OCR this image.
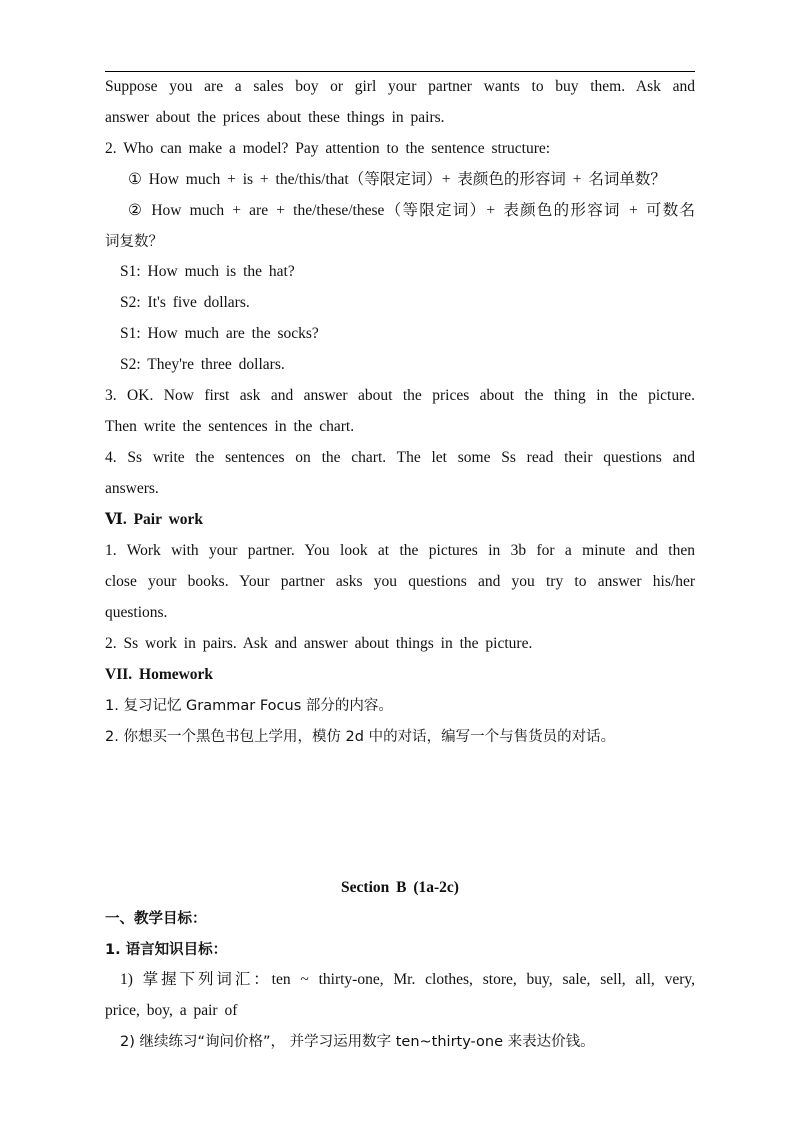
Suppose you are a sales boy or girl your partner wants to buy them. Ask and
answer about the prices about these things in pairs.
2. Who can make a model? Pay attention to the sentence structure:
① How much + is + the/this/that（等限定词）+ 表颜色的形容词 + 名词单数？
② How much + are + the/these/these（等限定词）+ 表颜色的形容词 + 可数名
词复数？
S1: How much is the hat?
S2: It's five dollars.
S1: How much are the socks?
S2: They're three dollars.
3. OK. Now first ask and answer about the prices about the thing in the picture.
Then write the sentences in the chart.
4. Ss write the sentences on the chart. The let some Ss read their questions and
answers.
Ⅵ. Pair work
1. Work with your partner. You look at the pictures in 3b for a minute and then
close your books. Your partner asks you questions and you try to answer his/her
questions.
2. Ss work in pairs. Ask and answer about things in the picture.
VII. Homework
1. 复习记忆 Grammar Focus 部分的内容。
2. 你想买一个黑色书包上学用，模仿 2d 中的对话，编写一个与售货员的对话。
Section B (1a-2c)
一、教学目标：
1. 语言知识目标：
1) 掌握下列词汇：ten ~ thirty-one, Mr. clothes, store, buy, sale, sell, all, very,
price, boy, a pair of
2) 继续练习“询问价格”， 并学习运用数字 ten~thirty-one 来表达价钱。
